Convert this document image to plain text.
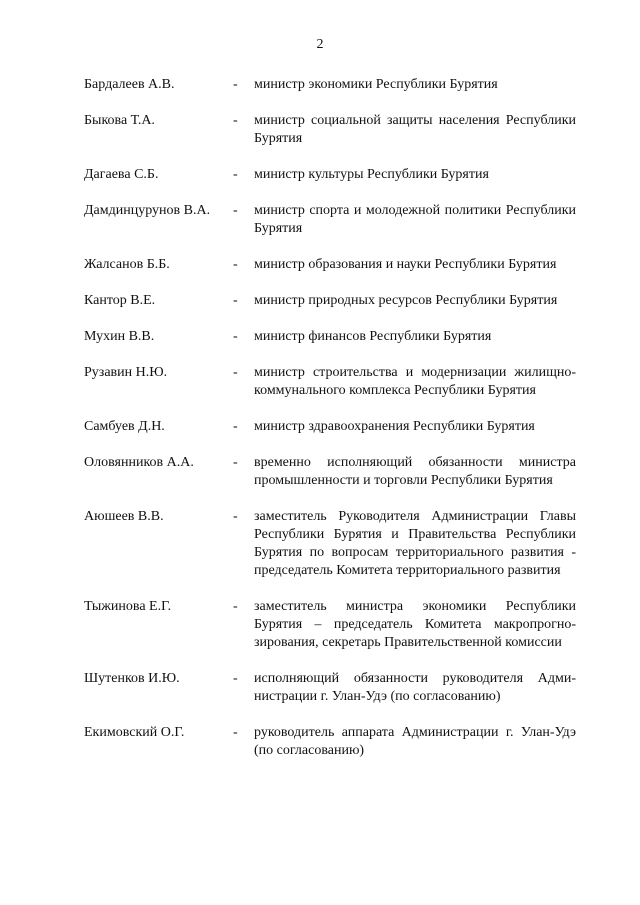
2
Бардалеев А.В.	-	министр экономики Республики Бурятия
Быкова Т.А.	-	министр социальной защиты населения Республики Бурятия
Дагаева С.Б.	-	министр культуры Республики Бурятия
Дамдинцурунов В.А.	-	министр спорта и молодежной политики Республики Бурятия
Жалсанов Б.Б.	-	министр образования и науки Республики Бурятия
Кантор В.Е.	-	министр природных ресурсов Республики Бурятия
Мухин В.В.	-	министр финансов Республики Бурятия
Рузавин Н.Ю.	-	министр строительства и модернизации жилищно-коммунального комплекса Республики Бурятия
Самбуев Д.Н.	-	министр здравоохранения Республики Бурятия
Оловянников А.А.	-	временно исполняющий обязанности министра промышленности и торговли Республики Бурятия
Аюшеев В.В.	-	заместитель Руководителя Администрации Главы Республики Бурятия и Правительства Республики Бурятия по вопросам территориального развития - председатель Комитета территориального развития
Тыжинова Е.Г.	-	заместитель министра экономики Республики Бурятия – председатель Комитета макропрогнозирования, секретарь Правительственной комиссии
Шутенков И.Ю.	-	исполняющий обязанности руководителя Администрации г. Улан-Удэ (по согласованию)
Екимовский О.Г.	-	руководитель аппарата Администрации г. Улан-Удэ (по согласованию)
